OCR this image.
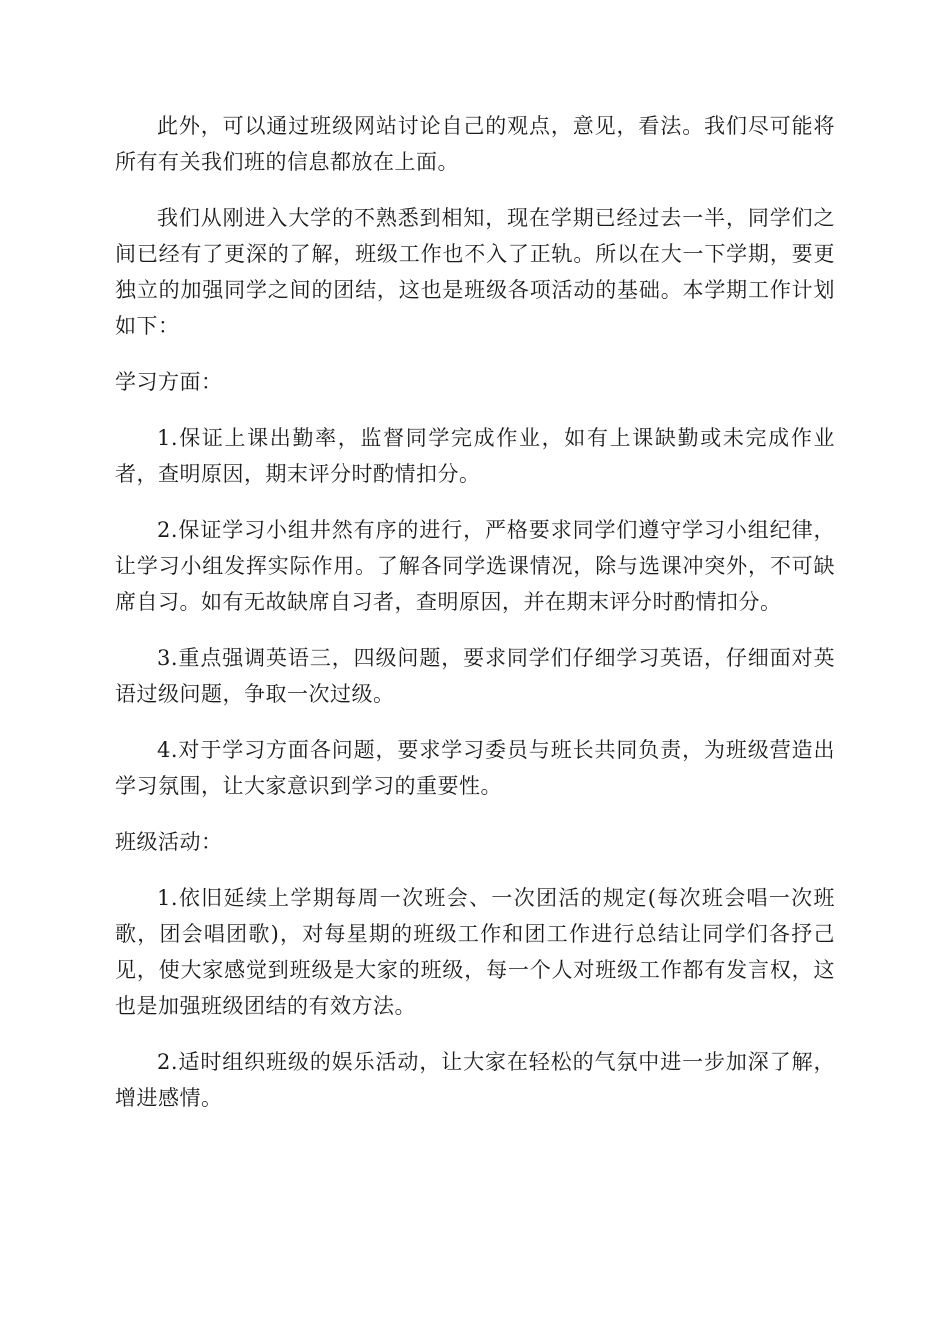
此外，可以通过班级网站讨论自己的观点，意见，看法。我们尽可能将所有有关我们班的信息都放在上面。

我们从刚进入大学的不熟悉到相知，现在学期已经过去一半，同学们之间已经有了更深的了解，班级工作也不入了正轨。所以在大一下学期，要更独立的加强同学之间的团结，这也是班级各项活动的基础。本学期工作计划如下：

学习方面：

1.保证上课出勤率，监督同学完成作业，如有上课缺勤或未完成作业者，查明原因，期末评分时酌情扣分。

2.保证学习小组井然有序的进行，严格要求同学们遵守学习小组纪律，让学习小组发挥实际作用。了解各同学选课情况，除与选课冲突外，不可缺席自习。如有无故缺席自习者，查明原因，并在期末评分时酌情扣分。

3.重点强调英语三，四级问题，要求同学们仔细学习英语，仔细面对英语过级问题，争取一次过级。

4.对于学习方面各问题，要求学习委员与班长共同负责，为班级营造出学习氛围，让大家意识到学习的重要性。

班级活动：

1.依旧延续上学期每周一次班会、一次团活的规定(每次班会唱一次班歌，团会唱团歌)，对每星期的班级工作和团工作进行总结让同学们各抒己见，使大家感觉到班级是大家的班级，每一个人对班级工作都有发言权，这也是加强班级团结的有效方法。

2.适时组织班级的娱乐活动，让大家在轻松的气氛中进一步加深了解，增进感情。
